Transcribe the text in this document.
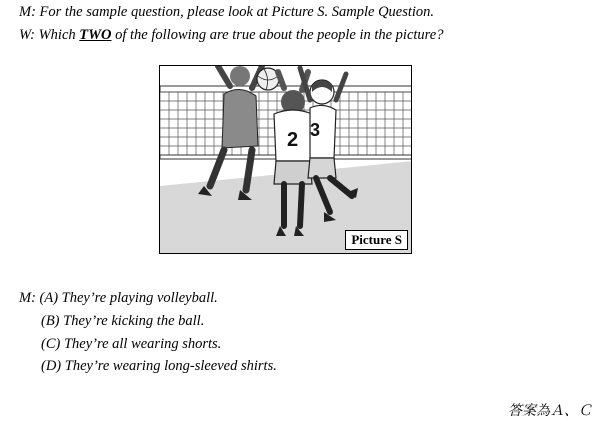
M: For the sample question, please look at Picture S. Sample Question.
W: Which TWO of the following are true about the people in the picture?
2 3
Picture S
M: (A) They’re playing volleyball.
(B) They’re kicking the ball.
(C) They’re all wearing shorts.
(D) They’re wearing long-sleeved shirts.
答案為Ａ、Ｃ
